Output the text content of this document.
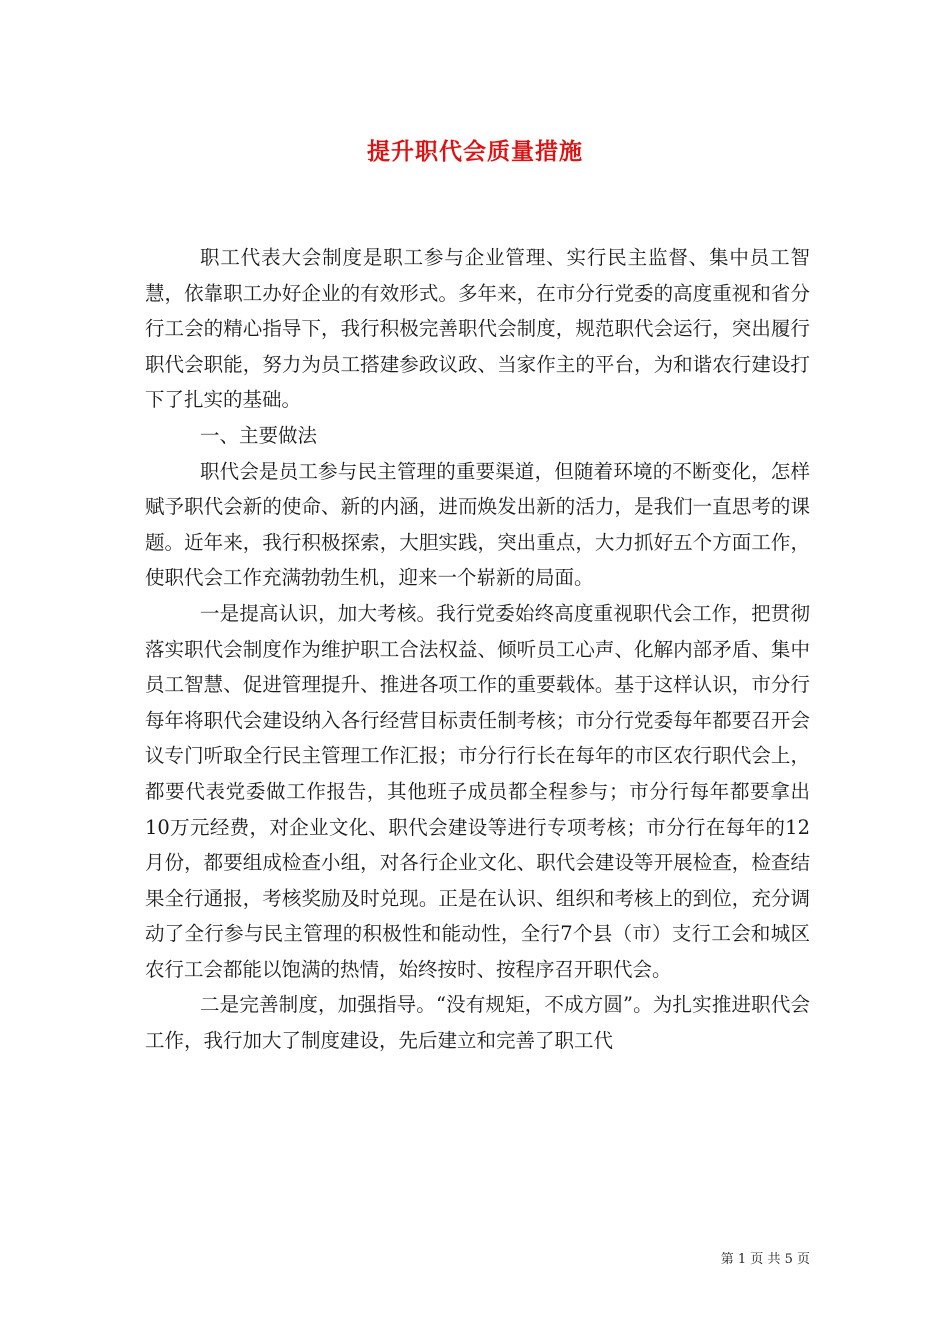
提升职代会质量措施

职工代表大会制度是职工参与企业管理、实行民主监督、集中员工智慧，依靠职工办好企业的有效形式。多年来，在市分行党委的高度重视和省分行工会的精心指导下，我行积极完善职代会制度，规范职代会运行，突出履行职代会职能，努力为员工搭建参政议政、当家作主的平台，为和谐农行建设打下了扎实的基础。

一、主要做法

职代会是员工参与民主管理的重要渠道，但随着环境的不断变化，怎样赋予职代会新的使命、新的内涵，进而焕发出新的活力，是我们一直思考的课题。近年来，我行积极探索，大胆实践，突出重点，大力抓好五个方面工作，使职代会工作充满勃勃生机，迎来一个崭新的局面。

一是提高认识，加大考核。我行党委始终高度重视职代会工作，把贯彻落实职代会制度作为维护职工合法权益、倾听员工心声、化解内部矛盾、集中员工智慧、促进管理提升、推进各项工作的重要载体。基于这样认识，市分行每年将职代会建设纳入各行经营目标责任制考核；市分行党委每年都要召开会议专门听取全行民主管理工作汇报；市分行行长在每年的市区农行职代会上，都要代表党委做工作报告，其他班子成员都全程参与；市分行每年都要拿出10万元经费，对企业文化、职代会建设等进行专项考核；市分行在每年的12月份，都要组成检查小组，对各行企业文化、职代会建设等开展检查，检查结果全行通报，考核奖励及时兑现。正是在认识、组织和考核上的到位，充分调动了全行参与民主管理的积极性和能动性，全行7个县（市）支行工会和城区农行工会都能以饱满的热情，始终按时、按程序召开职代会。

二是完善制度，加强指导。“没有规矩，不成方圆”。为扎实推进职代会工作，我行加大了制度建设，先后建立和完善了职工代

第 1 页 共 5 页
